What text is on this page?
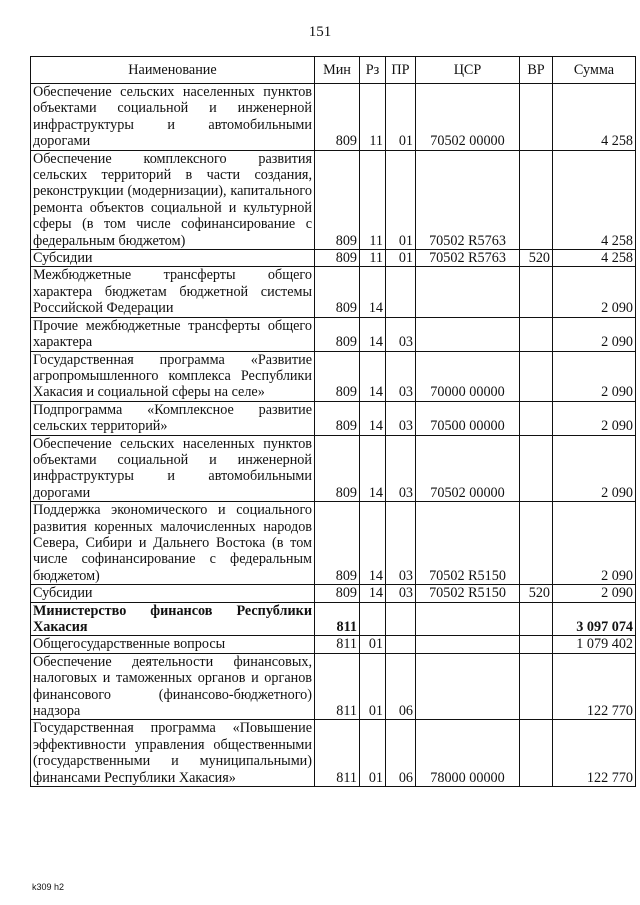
151
Наименование	Мин	Рз	ПР	ЦСР	ВР	Сумма
Обеспечение сельских населенных пунктов объектами социальной и инженерной инфраструктуры и автомобильными дорогами	809	11	01	70502 00000		4 258
Обеспечение комплексного развития сельских территорий в части создания, реконструкции (модернизации), капитального ремонта объектов социальной и культурной сферы (в том числе софинансирование с федеральным бюджетом)	809	11	01	70502 R5763		4 258
Субсидии	809	11	01	70502 R5763	520	4 258
Межбюджетные трансферты общего характера бюджетам бюджетной системы Российской Федерации	809	14				2 090
Прочие межбюджетные трансферты общего характера	809	14	03			2 090
Государственная программа «Развитие агропромышленного комплекса Республики Хакасия и социальной сферы на селе»	809	14	03	70000 00000		2 090
Подпрограмма «Комплексное развитие сельских территорий»	809	14	03	70500 00000		2 090
Обеспечение сельских населенных пунктов объектами социальной и инженерной инфраструктуры и автомобильными дорогами	809	14	03	70502 00000		2 090
Поддержка экономического и социального развития коренных малочисленных народов Севера, Сибири и Дальнего Востока (в том числе софинансирование с федеральным бюджетом)	809	14	03	70502 R5150		2 090
Субсидии	809	14	03	70502 R5150	520	2 090
Министерство финансов Республики Хакасия	811					3 097 074
Общегосударственные вопросы	811	01				1 079 402
Обеспечение деятельности финансовых, налоговых и таможенных органов и органов финансового (финансово-бюджетного) надзора	811	01	06			122 770
Государственная программа «Повышение эффективности управления общественными (государственными и муниципальными) финансами Республики Хакасия»	811	01	06	78000 00000		122 770
k309 h2
